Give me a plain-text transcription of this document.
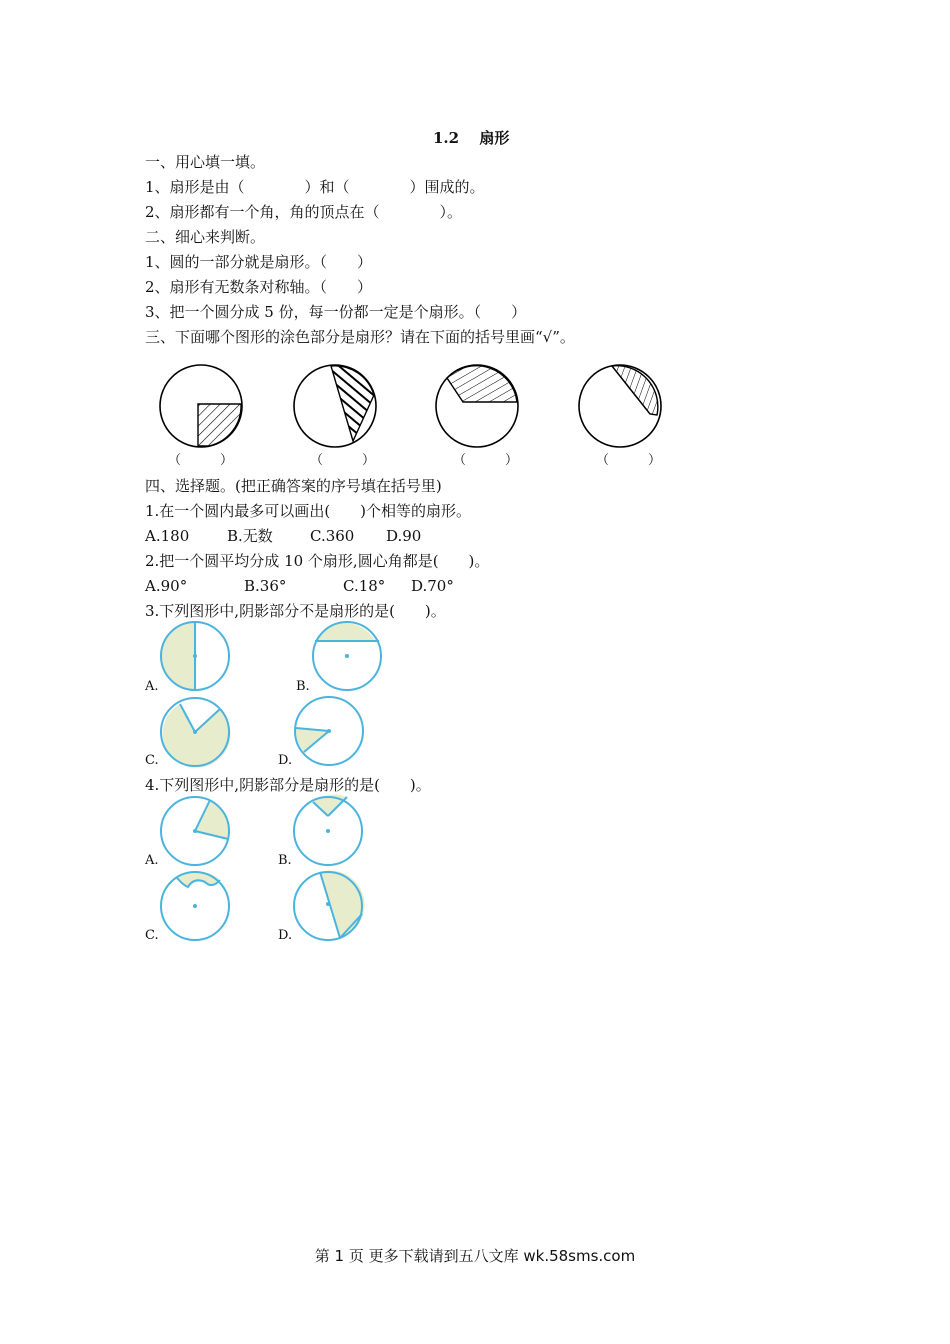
1.2　 扇形
一、用心填一填。
1、扇形是由（　　　　）和（　　　　）围成的。
2、扇形都有一个角，角的顶点在（　　　　）。
二、细心来判断。
1、圆的一部分就是扇形。（　　）
2、扇形有无数条对称轴。（　　）
3、把一个圆分成 5 份，每一份都一定是个扇形。（　　）
三、下面哪个图形的涂色部分是扇形？请在下面的括号里画“√”。
（　　　）	（　　　）	（　　　）	（　　　）
四、选择题。(把正确答案的序号填在括号里)
1.在一个圆内最多可以画出(　　)个相等的扇形。
A.180	B.无数 C.360 D.90
2.把一个圆平均分成 10 个扇形,圆心角都是(　　)。
A.90°	B.36°	C.18° D.70°
3.下列图形中,阴影部分不是扇形的是(　　)。
A.	B.
C.	D.
4.下列图形中,阴影部分是扇形的是(　　)。
A.	B.
C.	D.
第 1 页 更多下载请到五八文库 wk.58sms.com
